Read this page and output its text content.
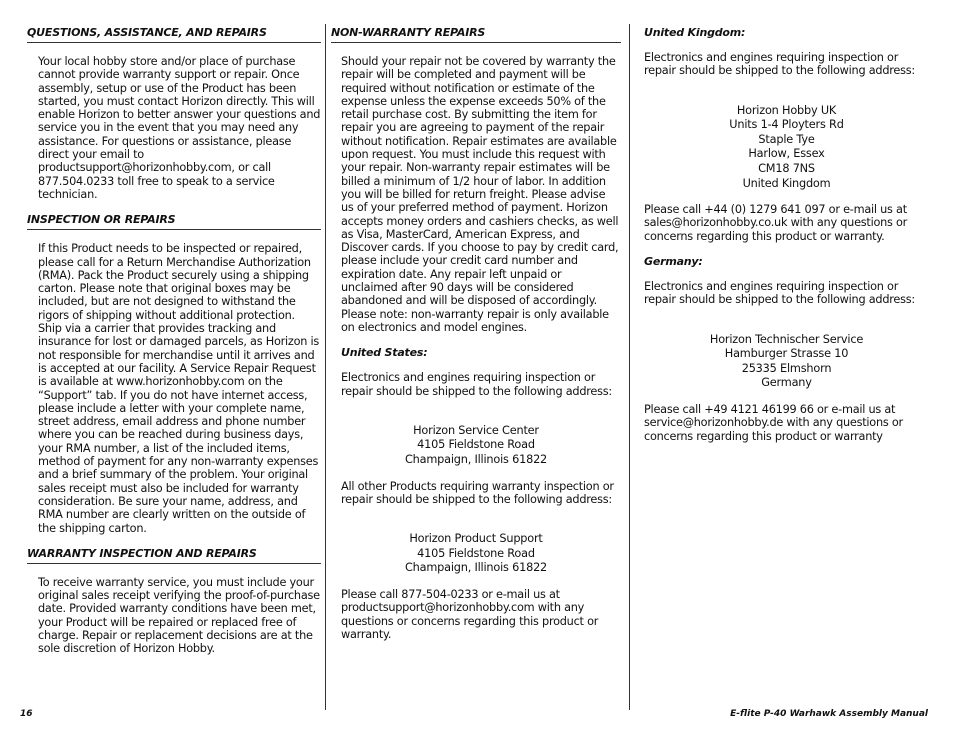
QUESTIONS, ASSISTANCE, AND REPAIRS

Your local hobby store and/or place of purchase cannot provide warranty support or repair. Once assembly, setup or use of the Product has been started, you must contact Horizon directly. This will enable Horizon to better answer your questions and service you in the event that you may need any assistance. For questions or assistance, please direct your email to productsupport@horizonhobby.com, or call 877.504.0233 toll free to speak to a service technician.

INSPECTION OR REPAIRS

If this Product needs to be inspected or repaired, please call for a Return Merchandise Authorization (RMA). Pack the Product securely using a shipping carton. Please note that original boxes may be included, but are not designed to withstand the rigors of shipping without additional protection. Ship via a carrier that provides tracking and insurance for lost or damaged parcels, as Horizon is not responsible for merchandise until it arrives and is accepted at our facility. A Service Repair Request is available at www.horizonhobby.com on the “Support” tab. If you do not have internet access, please include a letter with your complete name, street address, email address and phone number where you can be reached during business days, your RMA number, a list of the included items, method of payment for any non-warranty expenses and a brief summary of the problem. Your original sales receipt must also be included for warranty consideration. Be sure your name, address, and RMA number are clearly written on the outside of the shipping carton.

WARRANTY INSPECTION AND REPAIRS

To receive warranty service, you must include your original sales receipt verifying the proof-of-purchase date. Provided warranty conditions have been met, your Product will be repaired or replaced free of charge. Repair or replacement decisions are at the sole discretion of Horizon Hobby.

NON-WARRANTY REPAIRS

Should your repair not be covered by warranty the repair will be completed and payment will be required without notification or estimate of the expense unless the expense exceeds 50% of the retail purchase cost. By submitting the item for repair you are agreeing to payment of the repair without notification. Repair estimates are available upon request. You must include this request with your repair. Non-warranty repair estimates will be billed a minimum of 1/2 hour of labor. In addition you will be billed for return freight. Please advise us of your preferred method of payment. Horizon accepts money orders and cashiers checks, as well as Visa, MasterCard, American Express, and Discover cards. If you choose to pay by credit card, please include your credit card number and expiration date. Any repair left unpaid or unclaimed after 90 days will be considered abandoned and will be disposed of accordingly. Please note: non-warranty repair is only available on electronics and model engines.

United States:

Electronics and engines requiring inspection or repair should be shipped to the following address:

Horizon Service Center
4105 Fieldstone Road
Champaign, Illinois 61822

All other Products requiring warranty inspection or repair should be shipped to the following address:

Horizon Product Support
4105 Fieldstone Road
Champaign, Illinois 61822

Please call 877-504-0233 or e-mail us at productsupport@horizonhobby.com with any questions or concerns regarding this product or warranty.

United Kingdom:

Electronics and engines requiring inspection or repair should be shipped to the following address:

Horizon Hobby UK
Units 1-4 Ployters Rd
Staple Tye
Harlow, Essex
CM18 7NS
United Kingdom

Please call +44 (0) 1279 641 097 or e-mail us at sales@horizonhobby.co.uk with any questions or concerns regarding this product or warranty.

Germany:

Electronics and engines requiring inspection or repair should be shipped to the following address:

Horizon Technischer Service
Hamburger Strasse 10
25335 Elmshorn
Germany

Please call +49 4121 46199 66 or e-mail us at service@horizonhobby.de with any questions or concerns regarding this product or warranty

16	E-flite P-40 Warhawk Assembly Manual
